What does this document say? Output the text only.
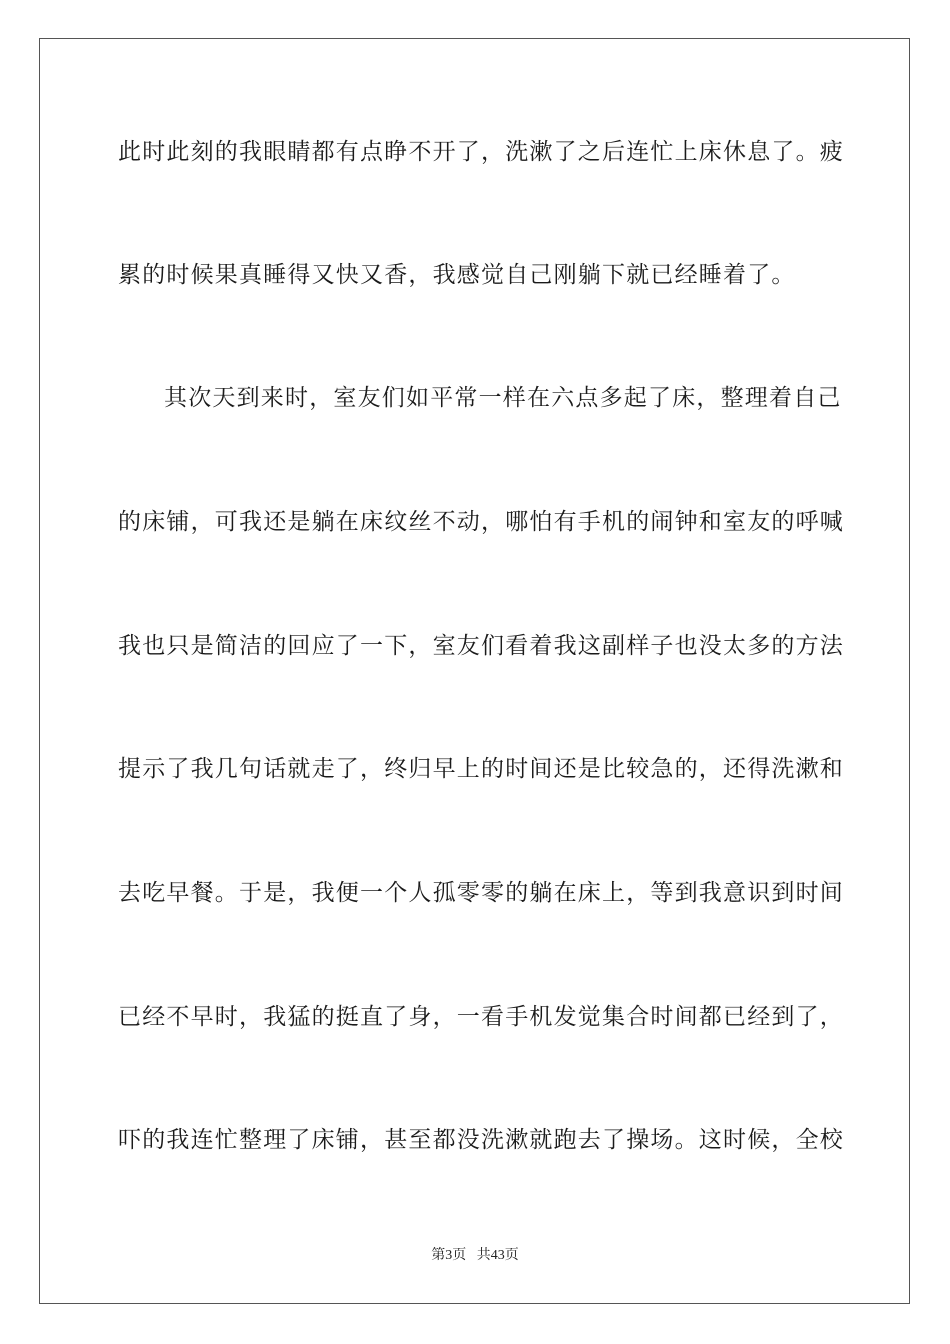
此时此刻的我眼睛都有点睁不开了，洗漱了之后连忙上床休息了。疲
累的时候果真睡得又快又香，我感觉自己刚躺下就已经睡着了。
其次天到来时，室友们如平常一样在六点多起了床，整理着自己
的床铺，可我还是躺在床纹丝不动，哪怕有手机的闹钟和室友的呼喊
我也只是简洁的回应了一下，室友们看着我这副样子也没太多的方法
提示了我几句话就走了，终归早上的时间还是比较急的，还得洗漱和
去吃早餐。于是，我便一个人孤零零的躺在床上，等到我意识到时间
已经不早时，我猛的挺直了身，一看手机发觉集合时间都已经到了，
吓的我连忙整理了床铺，甚至都没洗漱就跑去了操场。这时候，全校
第3页 共43页
